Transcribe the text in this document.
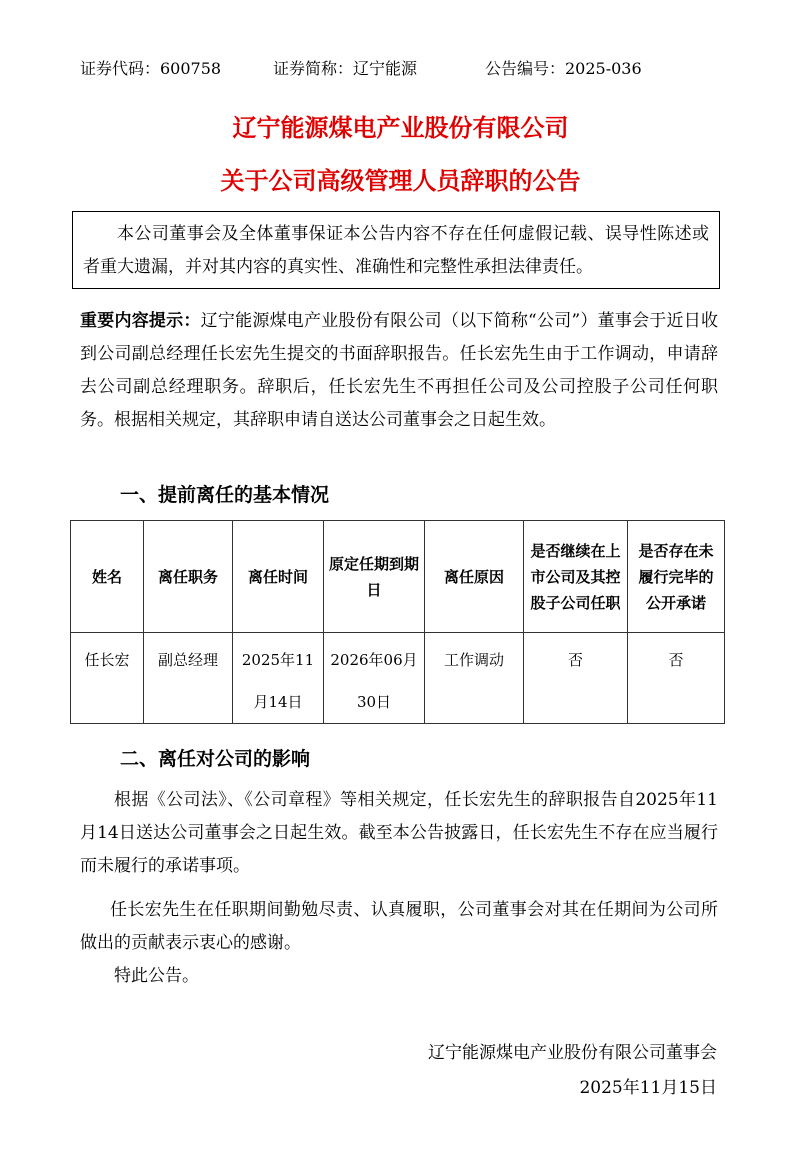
证券代码：600758	证券简称：辽宁能源	公告编号：2025-036
辽宁能源煤电产业股份有限公司
关于公司高级管理人员辞职的公告
本公司董事会及全体董事保证本公告内容不存在任何虚假记载、误导性陈述或者重大遗漏，并对其内容的真实性、准确性和完整性承担法律责任。
重要内容提示：辽宁能源煤电产业股份有限公司（以下简称“公司”）董事会于近日收到公司副总经理任长宏先生提交的书面辞职报告。任长宏先生由于工作调动，申请辞去公司副总经理职务。辞职后，任长宏先生不再担任公司及公司控股子公司任何职务。根据相关规定，其辞职申请自送达公司董事会之日起生效。
一、提前离任的基本情况
姓名	离任职务	离任时间	原定任期到期日	离任原因	是否继续在上市公司及其控股子公司任职	是否存在未履行完毕的公开承诺
任长宏	副总经理	2025年11月14日	2026年06月30日	工作调动	否	否
二、离任对公司的影响
根据《公司法》、《公司章程》等相关规定，任长宏先生的辞职报告自2025年11月14日送达公司董事会之日起生效。截至本公告披露日，任长宏先生不存在应当履行而未履行的承诺事项。
任长宏先生在任职期间勤勉尽责、认真履职，公司董事会对其在任期间为公司所做出的贡献表示衷心的感谢。
特此公告。
辽宁能源煤电产业股份有限公司董事会
2025年11月15日
